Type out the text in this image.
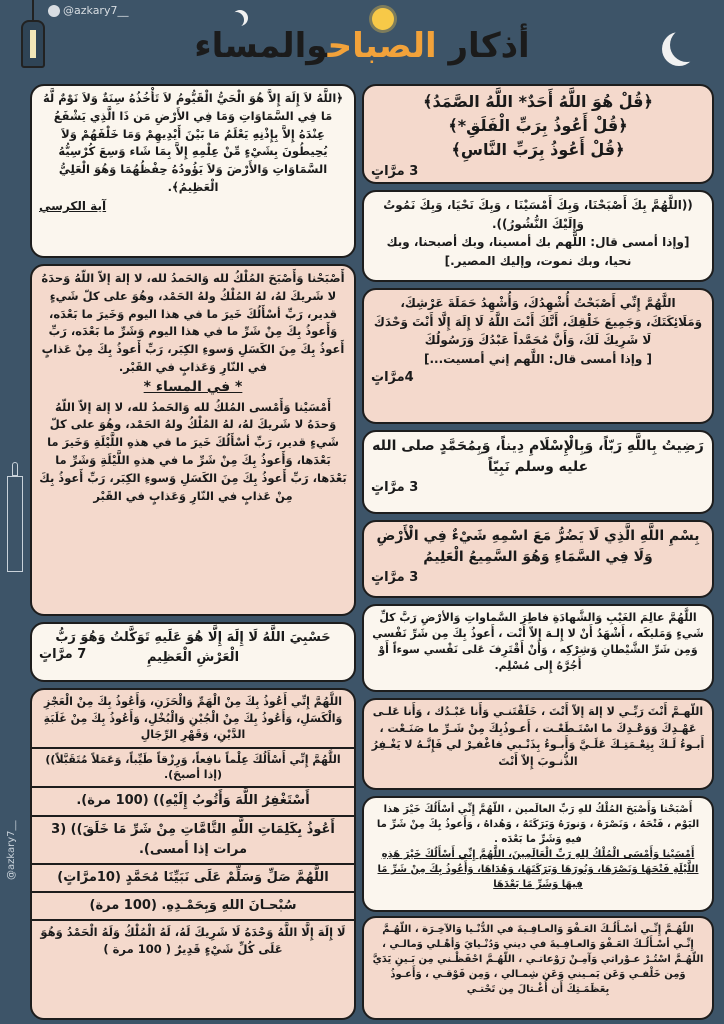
@azkary7__
أذكار الصباحوالمساء
@azkary7__
﴿قُلْ هُوَ اللَّهُ أَحَدٌ* اللَّهُ الصَّمَدُ﴾
﴿قُلْ أَعُوذُ بِرَبِّ الْفَلَقِ*﴾
﴿قُلْ أَعُوذُ بِرَبِّ النَّاسِ﴾
3 مرَّاتٍ
((اللَّهُمَّ بِكَ أَصْبَحْنَا، وَبِكَ أَمْسَيْنَا ، وَبِكَ نَحْيَا، وَبِكَ نَمُوتُ وَإِلَيْكَ النُّشُورُ)).
[وإذا أمسى قال: اللَّهم بك أمسينا، وبك أصبحنا، وبك نحيا، وبك نموت، وإليك المصير.]
اللَّهُمَّ إِنِّي أَصْبَحْتُ أُشْهِدُكَ، وَأُشْهِدُ حَمَلَةَ عَرْشِكَ، وَمَلَائِكَتَكَ، وَجَمِيعَ خَلْقِكَ، أَنَّكَ أَنْتَ اللَّهُ لَا إِلَهَ إِلَّا أَنْتَ وَحْدَكَ لَا شَرِيكَ لَكَ، وَأَنَّ مُحَمَّداً عَبْدُكَ وَرَسُولُكَ
[ وإذا أمسى قال: اللَّهم إني أمسيت...]
4مرَّاتٍ
رَضِيتُ بِاللَّهِ رَبّاً، وَبِالْإِسْلَامِ دِيناً، وَبِمُحَمَّدٍ صلى الله عليه وسلم نَبِيّاً
3 مرَّاتٍ
بِسْمِ اللَّهِ الَّذِي لَا يَضُرُّ مَعَ اسْمِهِ شَيْءٌ فِي الْأَرْضِ وَلَا فِي السَّمَاءِ وَهُوَ السَّمِيعُ الْعَلِيمُ
3 مرَّاتٍ
اللَّهُمَّ عالِمَ الغَيْبِ وَالشَّهادَةِ فاطِرَ السَّماواتِ وَالأرْضِ رَبَّ كلِّ شَيءٍ وَمَليكَه ، أَشْهَدُ أَنْ لا إِلـهَ إِلاّ أَنْت ، أَعوذُ بِكَ مِن شَرِّ نَفْسي وَمِن شَرِّ الشَّيْطانِ وَشِرْكِه ، وَأَنْ أَقْتَرِفَ عَلى نَفْسي سوءاً أَوْ أَجُرَّهُ إِلى مُسْلِم.
اللّهـمَّ أَنْتَ رَبِّـي لا إلهَ إلاّ أَنْتَ ، خَلَقْتَنـي وَأَنا عَبْـدُك ، وَأَنا عَلـى عَهْـدِكَ وَوَعْـدِكَ ما اسْتَـطَعْـت ، أَعـوذُبِكَ مِنْ شَـرِّ ما صَنَـعْت ، أَبـوءُ لَـكَ بِنِعْـمَتِـكَ عَلَـيَّ وَأَبـوءُ بِذَنْـبي فاغْفـِرْ لي فَإِنَّـهُ لا يَغْـفِرُ الذُّنـوبَ إِلاّ أَنْتَ
أَصْبَحْنا وَأَصْبَحَ المُلْكُ للهِ رَبِّ العالَمين ، اللّهُمَّ إِنِّي أسْأَلُكَ خَيْرَ هذا اليَوْم ، فَتْحَهُ ، وَنَصْرَهُ ، وَنورَهُ وَبَرَكَتَهُ ، وَهُداهُ ، وَأَعوذُ بِكَ مِنْ شَرِّ ما فيهِ وَشَرِّ ما بَعْدَه .
أَمْسَيْنا وَأَمْسَى الْمُلْكُ لِلهِ رَبِّ الْعَالَمِينَ، اللَّهُمَّ إِنِّي أَسْأَلُكَ خَيْرَ هَذِهِ اللَّيْلَةِ فَتْحَهَا وَنَصْرَهَا، وَنُورَهَا وَبَرَكَتَهَا، وَهُدَاهَا، وَأَعُوذُ بِكَ مِنْ شَرِّ مَا فِيهَا وَشَرِّ مَا بَعْدَهَا
اللّهُـمَّ إِنِّـي أسْـأَلُـكَ العَـفْوَ وَالعـافِـيةَ في الدُّنْـيا وَالآخِـرَة ، اللّهُـمَّ إِنِّـي أسْـأَلُـكَ العَـفْوَ وَالعـافِـيةَ في ديني وَدُنْـيايَ وَأهْـلي وَمالـي ، اللّهُـمَّ اسْتُـرْ عـوْراتي وَآمِـنْ رَوْعاتـي ، اللّهُـمَّ احْفَظْـني مِن بَـينِ يَدَيَّ وَمِن خَلْفـي وَعَن يَمـيني وَعَن شِمـالي ، وَمِن فَوْقـي ، وَأَعـوذُ بِعَظَمَـتِكَ أَن أُغْـتالَ مِن تَحْتـي
﴿اللَّهُ لاَ إِلَهَ إِلاَّ هُوَ الْحَيُّ الْقَيُّومُ لاَ تَأْخُذُهُ سِنَةٌ وَلاَ نَوْمٌ لَّهُ مَا فِي السَّمَاوَاتِ وَمَا فِي الأَرْضِ مَن ذَا الَّذِي يَشْفَعُ عِنْدَهُ إِلاَّ بِإِذْنِهِ يَعْلَمُ مَا بَيْنَ أَيْدِيهِمْ وَمَا خَلْفَهُمْ وَلاَ يُحِيطُونَ بِشَيْءٍ مِّنْ عِلْمِهِ إِلاَّ بِمَا شَاء وَسِعَ كُرْسِيُّهُ السَّمَاوَاتِ وَالأَرْضَ وَلاَ يَؤُودُهُ حِفْظُهُمَا وَهُوَ الْعَلِيُّ الْعَظِيمُ﴾.
آية الكرسي
أَصْبَحْنا وَأَصْبَحَ المُلْكُ لله وَالحَمدُ لله، لا إلهَ إلاّ اللّهُ وَحدَهُ لا شَريكَ لهُ، لهُ المُلْكُ ولهُ الحَمْد، وهُوَ على كلّ شَيءٍ قدير، رَبِّ أسْأَلُكَ خَيرَ ما في هذا اليوم وَخَيرَ ما بَعْدَه، وَأَعوذُ بِكَ مِنْ شَرِّ ما في هذا اليوم وَشَرِّ ما بَعْدَه، رَبِّ أَعوذُ بِكَ مِنَ الكَسَلِ وَسوءِ الكِبَر، رَبِّ أَعوذُ بِكَ مِنْ عَذابٍ في النّارِ وَعَذابٍ في القَبْر.
* في المساء *
أَمْسَيْنا وَأَمْسى المُلكُ لله وَالحَمدُ لله، لا إلهَ إلاّ اللّهُ وَحدَهُ لا شَريكَ لهُ، لهُ المُلْكُ ولهُ الحَمْد، وهُوَ على كلّ شَيءٍ قدير، رَبِّ أسْأَلُكَ خَيرَ ما في هذهِ اللَّيْلَةِ وَخَيرَ ما بَعْدَها، وَأَعوذُ بِكَ مِنْ شَرِّ ما في هذهِ اللَّيْلَةِ وَشَرِّ ما بَعْدَها، رَبِّ أَعوذُ بِكَ مِنَ الكَسَلِ وَسوءِ الكِبَر، رَبِّ أَعوذُ بِكَ مِنْ عَذابٍ في النّارِ وَعَذابٍ في القَبْر
حَسْبِيَ اللَّهُ لَا إِلَهَ إِلَّا هُوَ عَلَيهِ تَوَكَّلتُ وَهُوَ رَبُّ الْعَرْشِ الْعَظِيمِ
7 مرَّاتٍ
اللَّهُمَّ إِنِّي أَعُوذُ بِكَ مِنْ الْهَمِّ وَالْحَزَنِ، وَأَعُوذُ بِكَ مِنْ الْعَجْزِ وَالْكَسَلِ، وَأَعُوذُ بِكَ مِنْ الْجُبْنِ وَالْبُخْلِ، وَأَعُوذُ بِكَ مِنْ غَلَبَةِ الدَّيْنِ، وَقَهْرِ الرِّجَالِ
اللَّهُمَّ إِنِّي أَسْأَلُكَ عِلْماً نافِعاً، وَرِزْقاً طَيِّباً، وَعَمَلاً مُتَقَبَّلاً)) (إذا أصبحَ).
أَسْتَغْفِرُ اللَّهَ وَأَتُوبُ إِلَيْهِ)) (100 مرة).
أَعُوذُ بِكَلِمَاتِ اللَّهِ التَّامَّاتِ مِنْ شَرِّ مَا خَلَقَ)) (3 مرات إذا أمسى).
اللَّهُمَّ صَلِّ وَسَلِّمْ عَلَى نَبَيِّنَا مُحَمَّدٍ (10مرَّاتٍ)
سُبْحـانَ اللهِ وَبِحَمْـدِهِ. (100 مرة)
لَا إِلَهَ إِلَّا اللَّهُ وَحْدَهُ لَا شَرِيكَ لَهُ، لَهُ الْمُلْكُ وَلَهُ الْحَمْدُ وَهُوَ عَلَى كُلِّ شَيْءٍ قَدِيرٌ ( 100 مرة )
